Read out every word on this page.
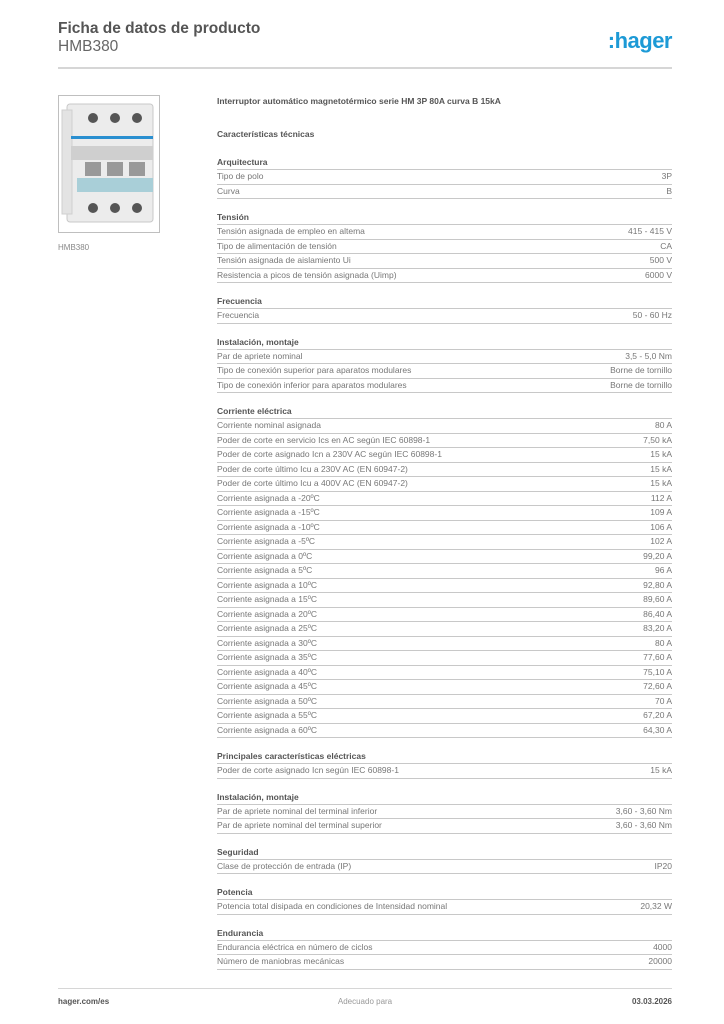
Ficha de datos de producto
HMB380	:hager
HMB380
Interruptor automático magnetotérmico serie HM 3P 80A curva B 15kA
Características técnicas
Arquitectura
Tipo de polo	3P
Curva	B
Tensión
Tensión asignada de empleo en altema	415 - 415 V
Tipo de alimentación de tensión	CA
Tensión asignada de aislamiento Ui	500 V
Resistencia a picos de tensión asignada (Uimp)	6000 V
Frecuencia
Frecuencia	50 - 60 Hz
Instalación, montaje
Par de apriete nominal	3,5 - 5,0 Nm
Tipo de conexión superior para aparatos modulares	Borne de tornillo
Tipo de conexión inferior para aparatos modulares	Borne de tornillo
Corriente eléctrica
Corriente nominal asignada	80 A
Poder de corte en servicio Ics en AC según IEC 60898-1	7,50 kA
Poder de corte asignado Icn a 230V AC según IEC 60898-1	15 kA
Poder de corte último Icu a 230V AC (EN 60947-2)	15 kA
Poder de corte último Icu a 400V AC (EN 60947-2)	15 kA
Corriente asignada a -20ºC	112 A
Corriente asignada a -15ºC	109 A
Corriente asignada a -10ºC	106 A
Corriente asignada a -5ºC	102 A
Corriente asignada a 0ºC	99,20 A
Corriente asignada a 5ºC	96 A
Corriente asignada a 10ºC	92,80 A
Corriente asignada a 15ºC	89,60 A
Corriente asignada a 20ºC	86,40 A
Corriente asignada a 25ºC	83,20 A
Corriente asignada a 30ºC	80 A
Corriente asignada a 35ºC	77,60 A
Corriente asignada a 40ºC	75,10 A
Corriente asignada a 45ºC	72,60 A
Corriente asignada a 50ºC	70 A
Corriente asignada a 55ºC	67,20 A
Corriente asignada a 60ºC	64,30 A
Principales características eléctricas
Poder de corte asignado Icn según IEC 60898-1	15 kA
Instalación, montaje
Par de apriete nominal del terminal inferior	3,60 - 3,60 Nm
Par de apriete nominal del terminal superior	3,60 - 3,60 Nm
Seguridad
Clase de protección de entrada (IP)	IP20
Potencia
Potencia total disipada en condiciones de Intensidad nominal	20,32 W
Endurancia
Endurancia eléctrica en número de ciclos	4000
Número de maniobras mecánicas	20000
hager.com/es	Adecuado para	03.03.2026
